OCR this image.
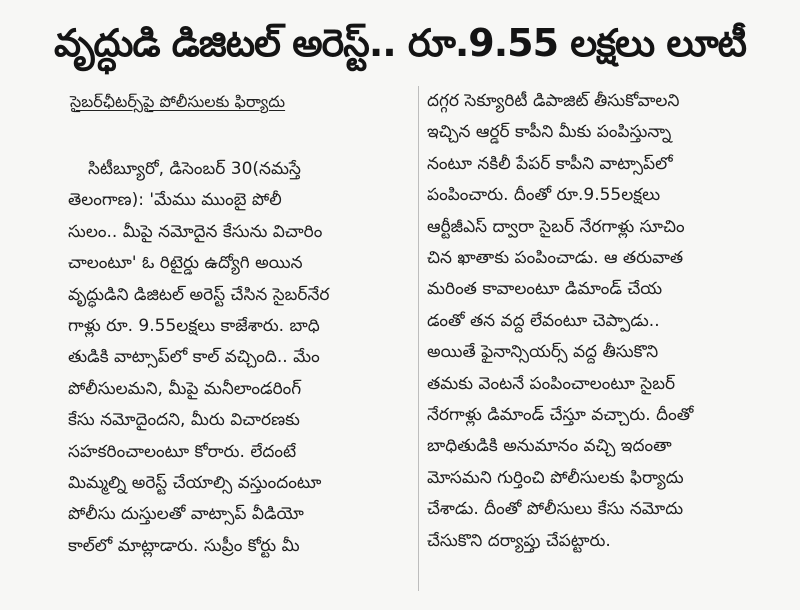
వృద్ధుడి డిజిటల్ అరెస్ట్.. రూ.9.55 లక్షలు లూటీ
సైబర్‌ఛీటర్స్‌పై పోలీసులకు ఫిర్యాదు
సిటీబ్యూరో, డిసెంబర్ 30(నమస్తే
తెలంగాణ): 'మేము ముంబై పోలీ
సులం.. మీపై నమోదైన కేసును విచారిం
చాలంటూ' ఓ రిటైర్డు ఉద్యోగి అయిన
వృద్ధుడిని డిజిటల్ అరెస్ట్ చేసిన సైబర్‌నేర
గాళ్లు రూ. 9.55లక్షలు కాజేశారు. బాధి
తుడికి వాట్సాప్‌లో కాల్ వచ్చింది.. మేం
పోలీసులమని, మీపై మనీలాండరింగ్
కేసు నమోదైందని, మీరు విచారణకు
సహకరించాలంటూ కోరారు. లేదంటే
మిమ్మల్ని అరెస్ట్ చేయాల్సి వస్తుందంటూ
పోలీసు దుస్తులతో వాట్సాప్ వీడియో
కాల్‌లో మాట్లాడారు. సుప్రీం కోర్టు మీ
దగ్గర సెక్యూరిటీ డిపాజిట్ తీసుకోవాలని
ఇచ్చిన ఆర్డర్ కాపీని మీకు పంపిస్తున్నా
నంటూ నకిలీ పేపర్ కాపీని వాట్సాప్‌లో
పంపించారు. దీంతో రూ.9.55లక్షలు
ఆర్టీజీఎస్ ద్వారా సైబర్ నేరగాళ్లు సూచిం
చిన ఖాతాకు పంపించాడు. ఆ తరువాత
మరింత కావాలంటూ డిమాండ్ చేయ
డంతో తన వద్ద లేవంటూ చెప్పాడు..
అయితే ఫైనాన్సియర్స్ వద్ద తీసుకొని
తమకు వెంటనే పంపించాలంటూ సైబర్
నేరగాళ్లు డిమాండ్ చేస్తూ వచ్చారు. దీంతో
బాధితుడికి అనుమానం వచ్చి ఇదంతా
మోసమని గుర్తించి పోలీసులకు ఫిర్యాదు
చేశాడు. దీంతో పోలీసులు కేసు నమోదు
చేసుకొని దర్యాప్తు చేపట్టారు.
